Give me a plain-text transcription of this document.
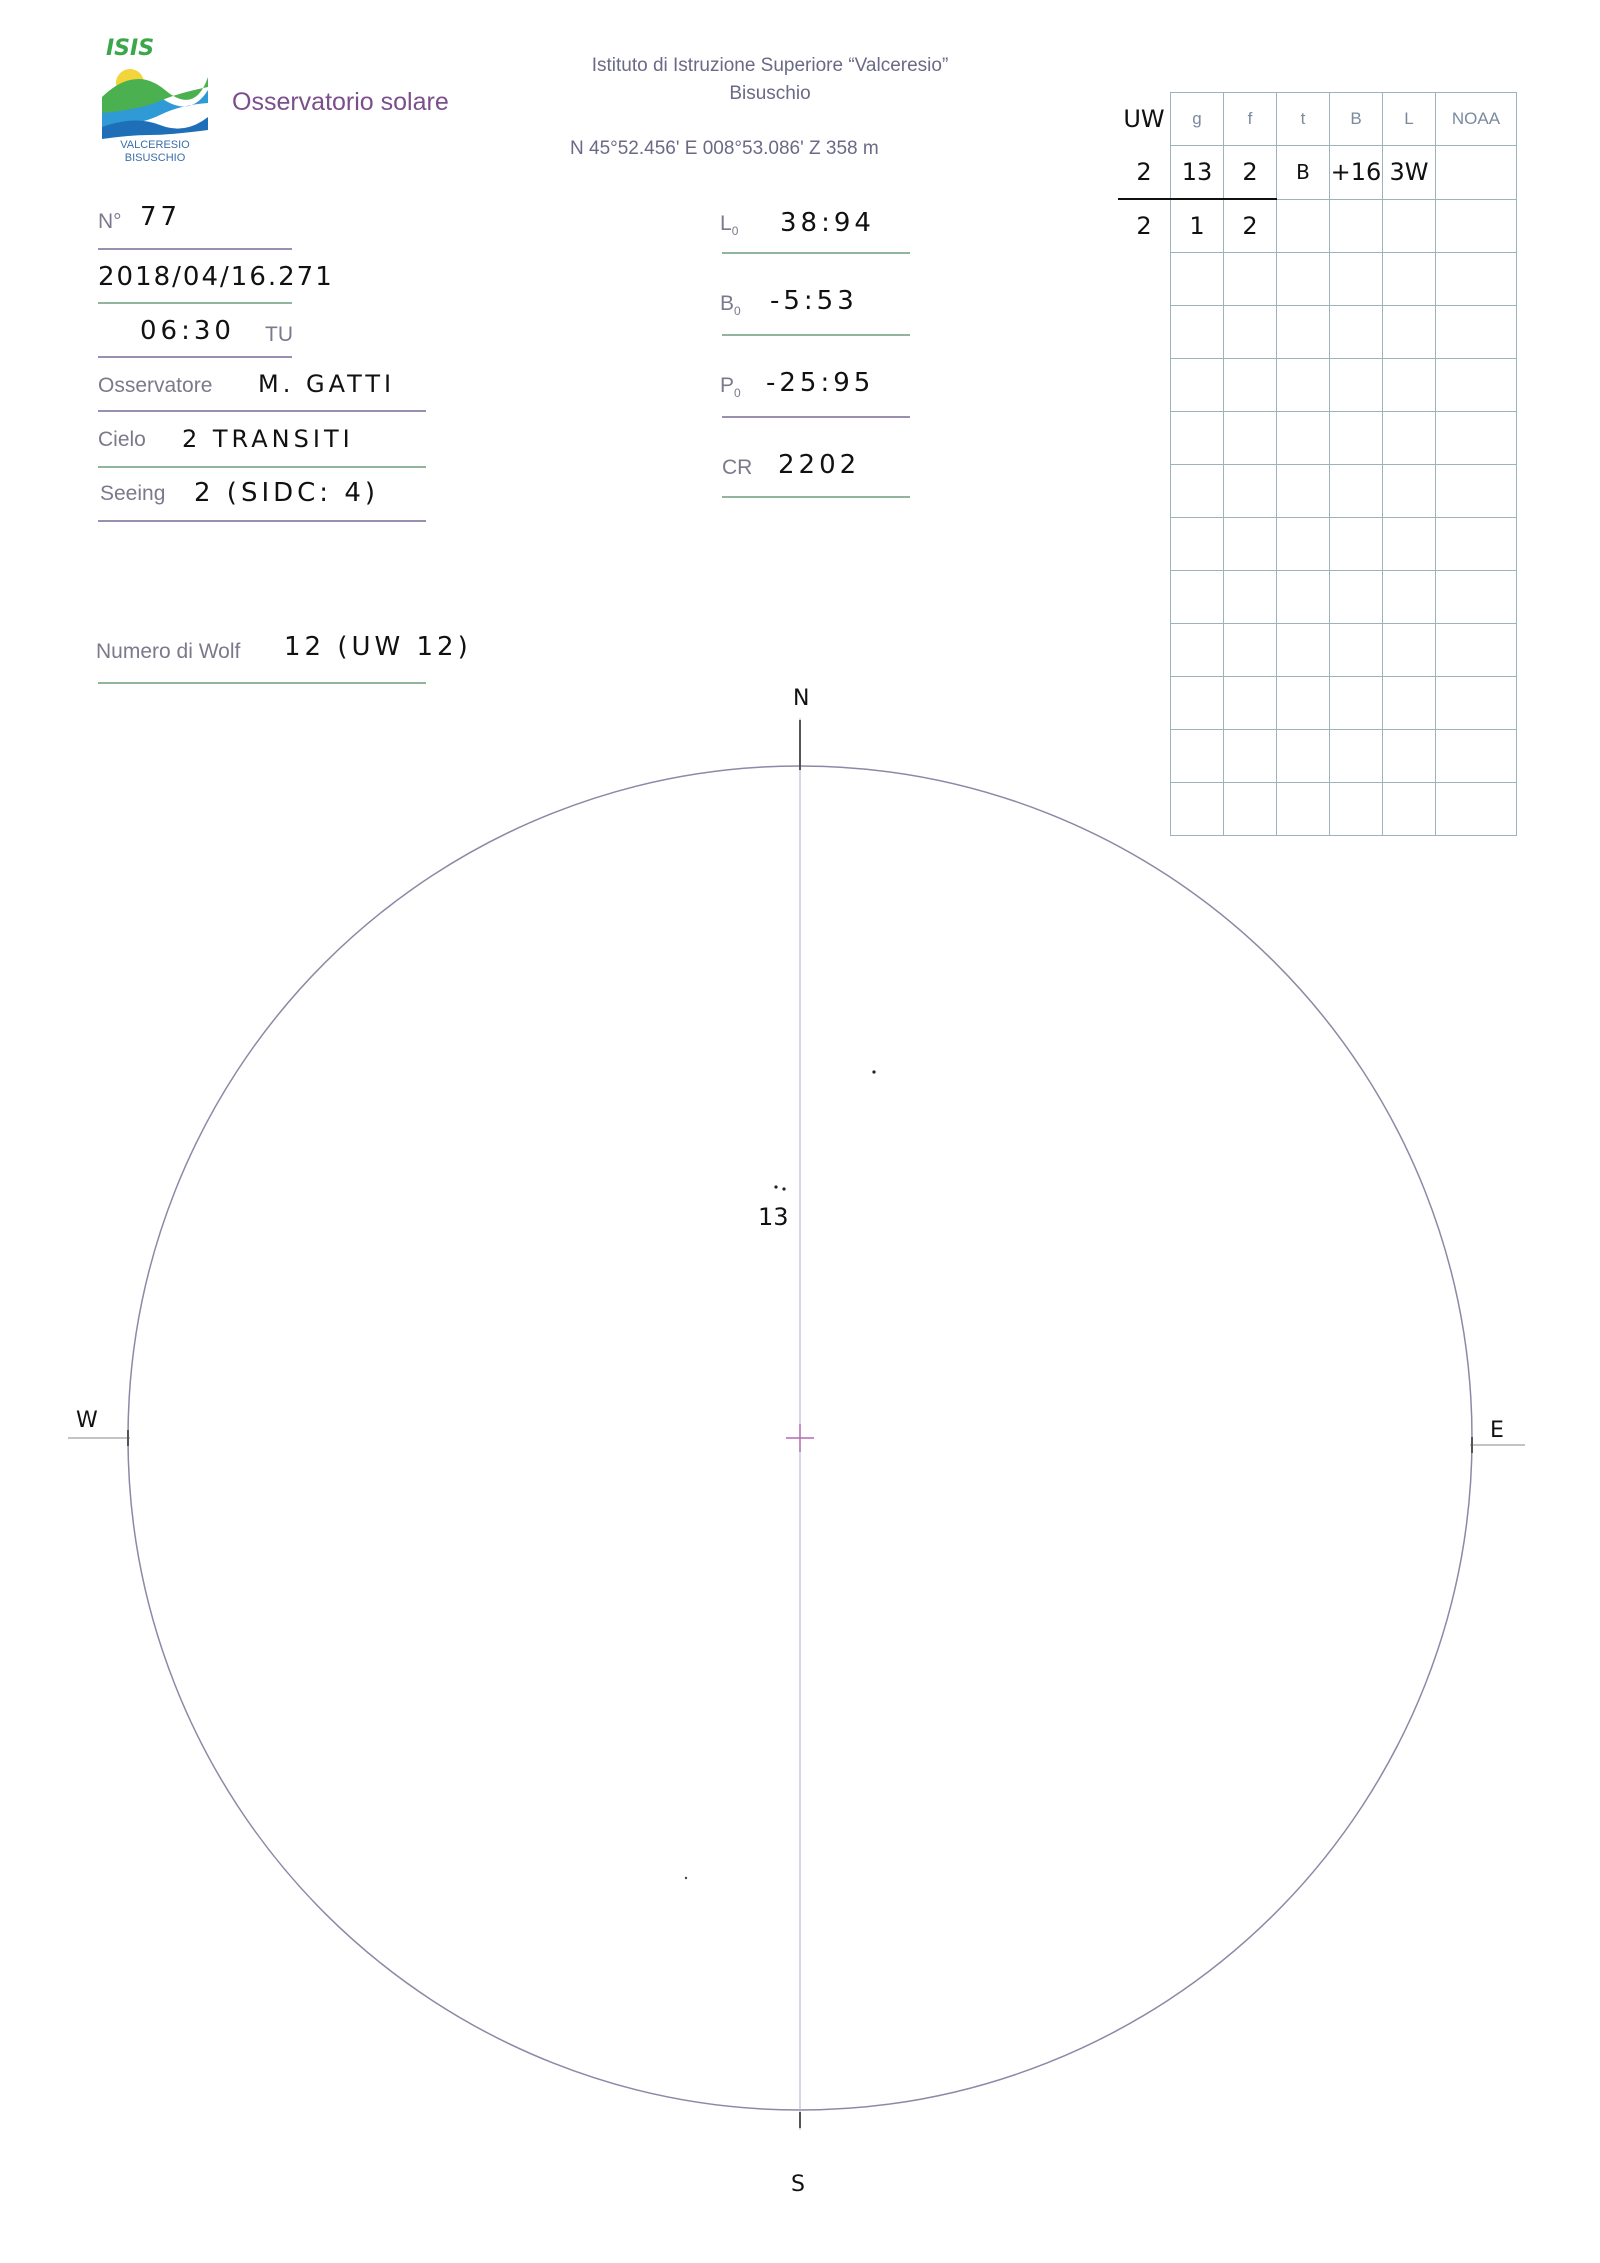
ISIS
VALCERESIO
BISUSCHIO
Osservatorio solare
Istituto di Istruzione Superiore “Valceresio”
Bisuschio
N 45°52.456' E 008°53.086' Z 358 m
N° 77
2018/04/16.271
06:30 TU
Osservatore M. GATTI
Cielo 2 TRANSITI
Seeing 2 (SIDC: 4)
Numero di Wolf 12 (UW 12)
$L_0$ 38:94
$B_0$ -5:53
$P_0$ -25:95
CR 2202
UW	g	f	t	B	L	NOAA
2	13	2	B	+16	3W	
2	1	2				

N
S
W	E
13
